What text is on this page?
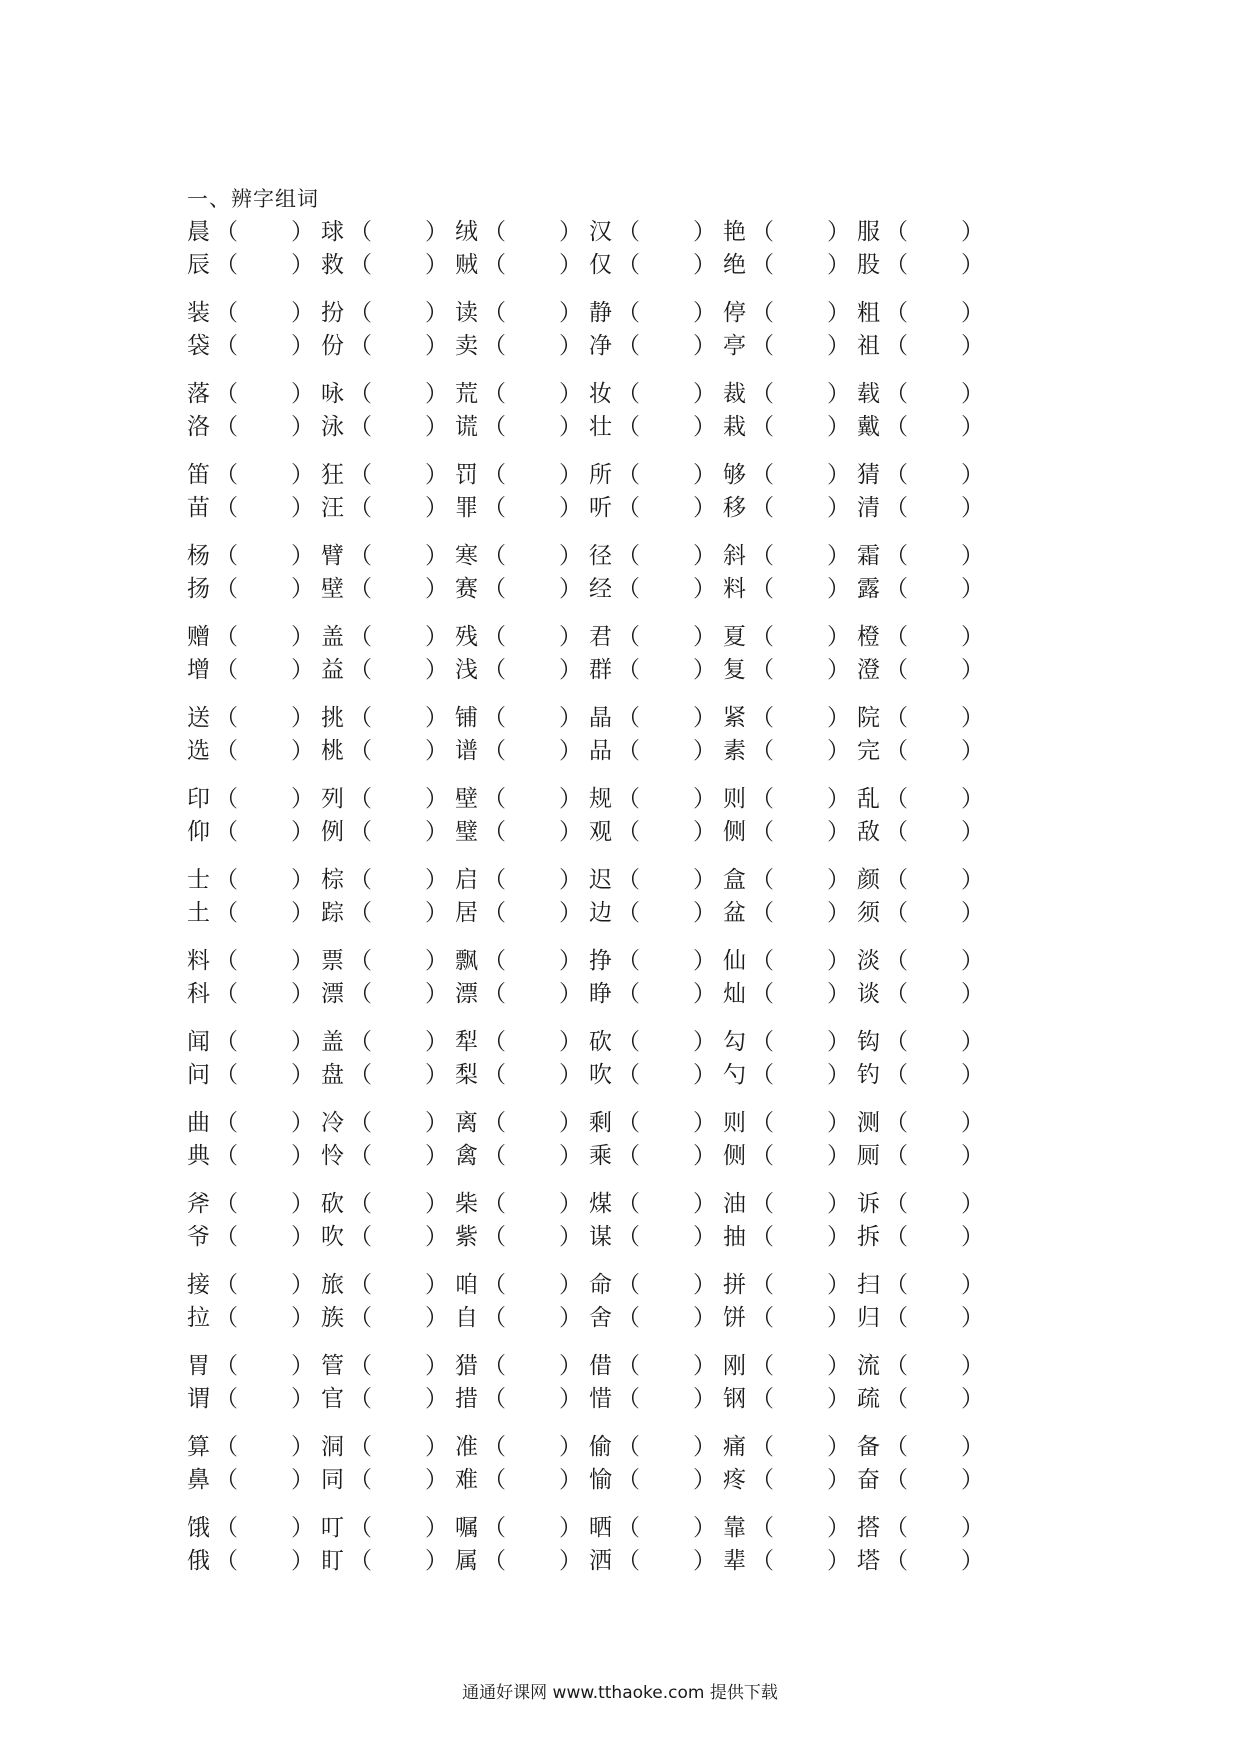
一、辨字组词
晨 （ ） 球 （ ） 绒 （ ） 汉 （ ） 艳 （ ） 服 （ ）
辰 （ ） 救 （ ） 贼 （ ） 仅 （ ） 绝 （ ） 股 （ ）
装 （ ） 扮 （ ） 读 （ ） 静 （ ） 停 （ ） 粗 （ ）
袋 （ ） 份 （ ） 卖 （ ） 净 （ ） 亭 （ ） 祖 （ ）
落 （ ） 咏 （ ） 荒 （ ） 妆 （ ） 裁 （ ） 载 （ ）
洛 （ ） 泳 （ ） 谎 （ ） 壮 （ ） 栽 （ ） 戴 （ ）
笛 （ ） 狂 （ ） 罚 （ ） 所 （ ） 够 （ ） 猜 （ ）
苗 （ ） 汪 （ ） 罪 （ ） 听 （ ） 移 （ ） 清 （ ）
杨 （ ） 臂 （ ） 寒 （ ） 径 （ ） 斜 （ ） 霜 （ ）
扬 （ ） 壁 （ ） 赛 （ ） 经 （ ） 料 （ ） 露 （ ）
赠 （ ） 盖 （ ） 残 （ ） 君 （ ） 夏 （ ） 橙 （ ）
增 （ ） 益 （ ） 浅 （ ） 群 （ ） 复 （ ） 澄 （ ）
送 （ ） 挑 （ ） 铺 （ ） 晶 （ ） 紧 （ ） 院 （ ）
选 （ ） 桃 （ ） 谱 （ ） 品 （ ） 素 （ ） 完 （ ）
印 （ ） 列 （ ） 壁 （ ） 规 （ ） 则 （ ） 乱 （ ）
仰 （ ） 例 （ ） 璧 （ ） 观 （ ） 侧 （ ） 敌 （ ）
士 （ ） 棕 （ ） 启 （ ） 迟 （ ） 盒 （ ） 颜 （ ）
土 （ ） 踪 （ ） 居 （ ） 边 （ ） 盆 （ ） 须 （ ）
料 （ ） 票 （ ） 飘 （ ） 挣 （ ） 仙 （ ） 淡 （ ）
科 （ ） 漂 （ ） 漂 （ ） 睁 （ ） 灿 （ ） 谈 （ ）
闻 （ ） 盖 （ ） 犁 （ ） 砍 （ ） 勾 （ ） 钩 （ ）
问 （ ） 盘 （ ） 梨 （ ） 吹 （ ） 勺 （ ） 钓 （ ）
曲 （ ） 冷 （ ） 离 （ ） 剩 （ ） 则 （ ） 测 （ ）
典 （ ） 怜 （ ） 禽 （ ） 乘 （ ） 侧 （ ） 厕 （ ）
斧 （ ） 砍 （ ） 柴 （ ） 煤 （ ） 油 （ ） 诉 （ ）
爷 （ ） 吹 （ ） 紫 （ ） 谋 （ ） 抽 （ ） 拆 （ ）
接 （ ） 旅 （ ） 咱 （ ） 命 （ ） 拼 （ ） 扫 （ ）
拉 （ ） 族 （ ） 自 （ ） 舍 （ ） 饼 （ ） 归 （ ）
胃 （ ） 管 （ ） 猎 （ ） 借 （ ） 刚 （ ） 流 （ ）
谓 （ ） 官 （ ） 措 （ ） 惜 （ ） 钢 （ ） 疏 （ ）
算 （ ） 洞 （ ） 准 （ ） 偷 （ ） 痛 （ ） 备 （ ）
鼻 （ ） 同 （ ） 难 （ ） 愉 （ ） 疼 （ ） 奋 （ ）
饿 （ ） 叮 （ ） 嘱 （ ） 晒 （ ） 靠 （ ） 搭 （ ）
俄 （ ） 盯 （ ） 属 （ ） 洒 （ ） 辈 （ ） 塔 （ ）
通通好课网 www.tthaoke.com 提供下载
